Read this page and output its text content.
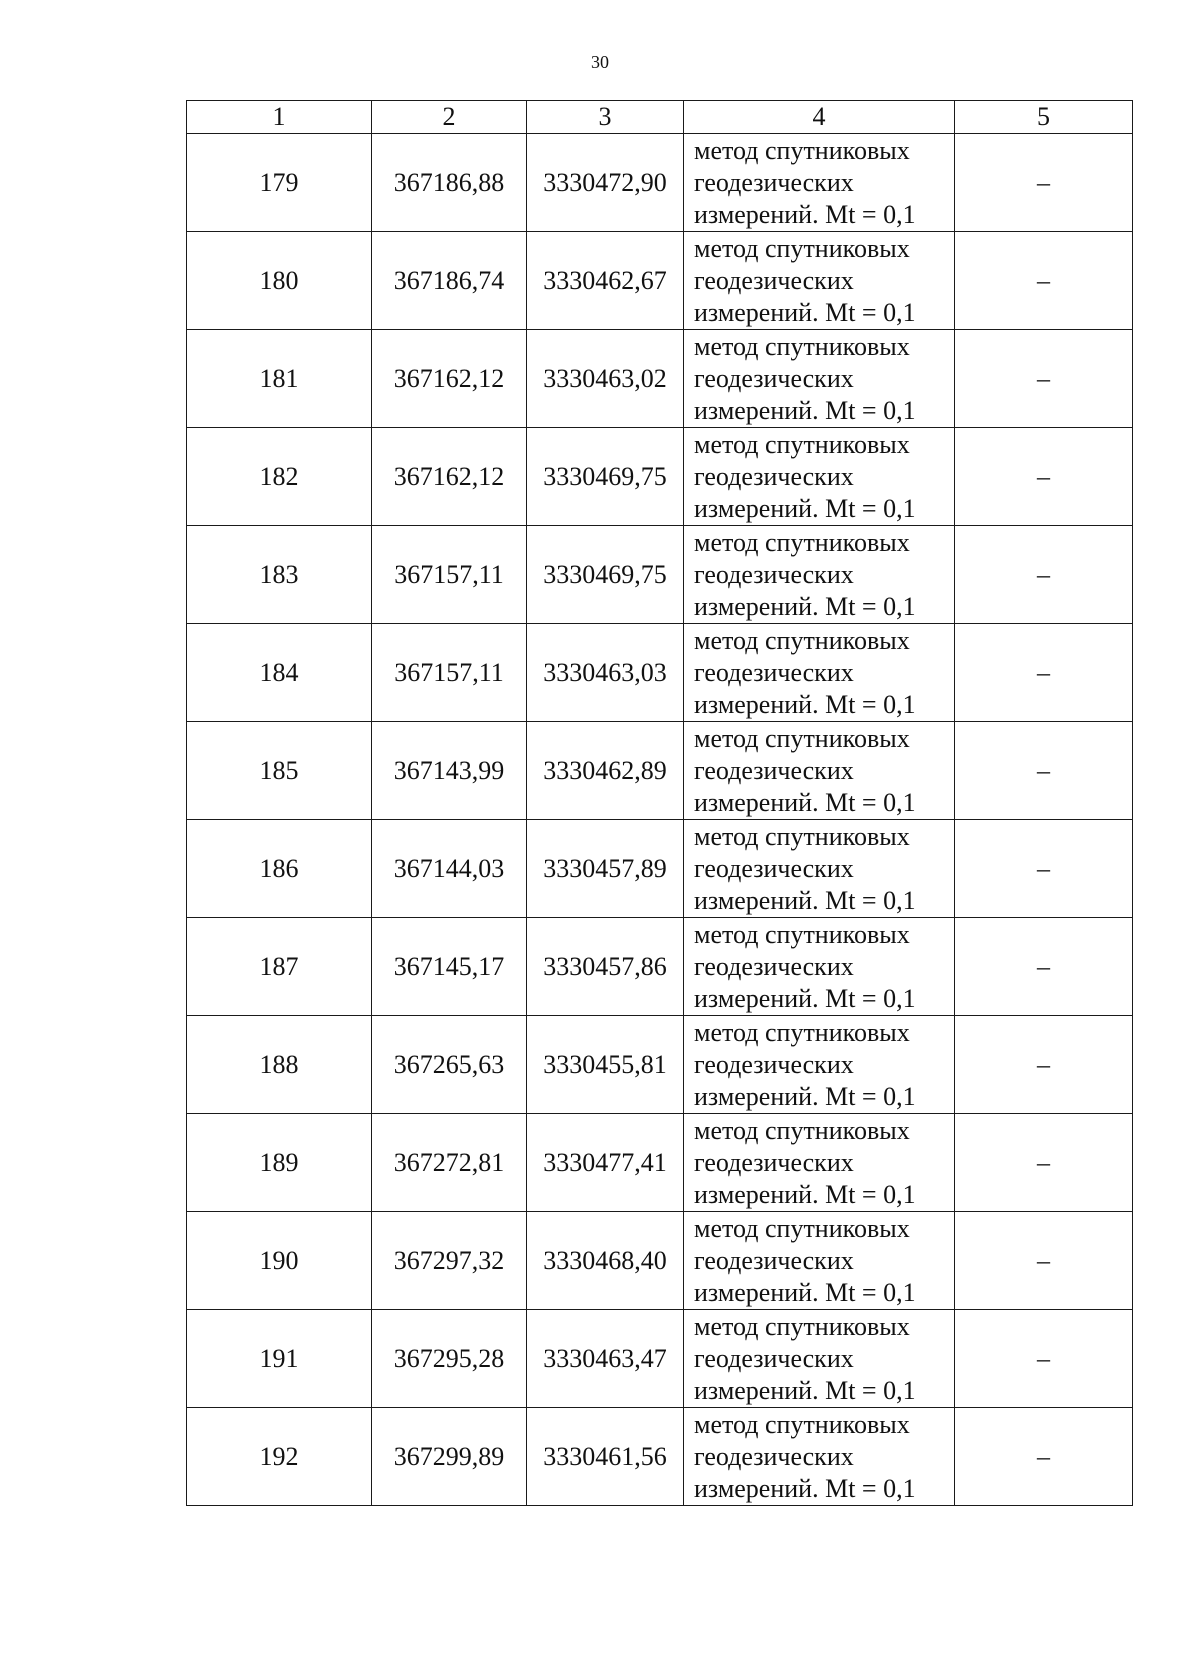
30
1	2	3	4	5
179	367186,88	3330472,90	метод спутниковых
геодезических
измерений. Mt = 0,1	–
180	367186,74	3330462,67	метод спутниковых
геодезических
измерений. Mt = 0,1	–
181	367162,12	3330463,02	метод спутниковых
геодезических
измерений. Mt = 0,1	–
182	367162,12	3330469,75	метод спутниковых
геодезических
измерений. Mt = 0,1	–
183	367157,11	3330469,75	метод спутниковых
геодезических
измерений. Mt = 0,1	–
184	367157,11	3330463,03	метод спутниковых
геодезических
измерений. Mt = 0,1	–
185	367143,99	3330462,89	метод спутниковых
геодезических
измерений. Mt = 0,1	–
186	367144,03	3330457,89	метод спутниковых
геодезических
измерений. Mt = 0,1	–
187	367145,17	3330457,86	метод спутниковых
геодезических
измерений. Mt = 0,1	–
188	367265,63	3330455,81	метод спутниковых
геодезических
измерений. Mt = 0,1	–
189	367272,81	3330477,41	метод спутниковых
геодезических
измерений. Mt = 0,1	–
190	367297,32	3330468,40	метод спутниковых
геодезических
измерений. Mt = 0,1	–
191	367295,28	3330463,47	метод спутниковых
геодезических
измерений. Mt = 0,1	–
192	367299,89	3330461,56	метод спутниковых
геодезических
измерений. Mt = 0,1	–
